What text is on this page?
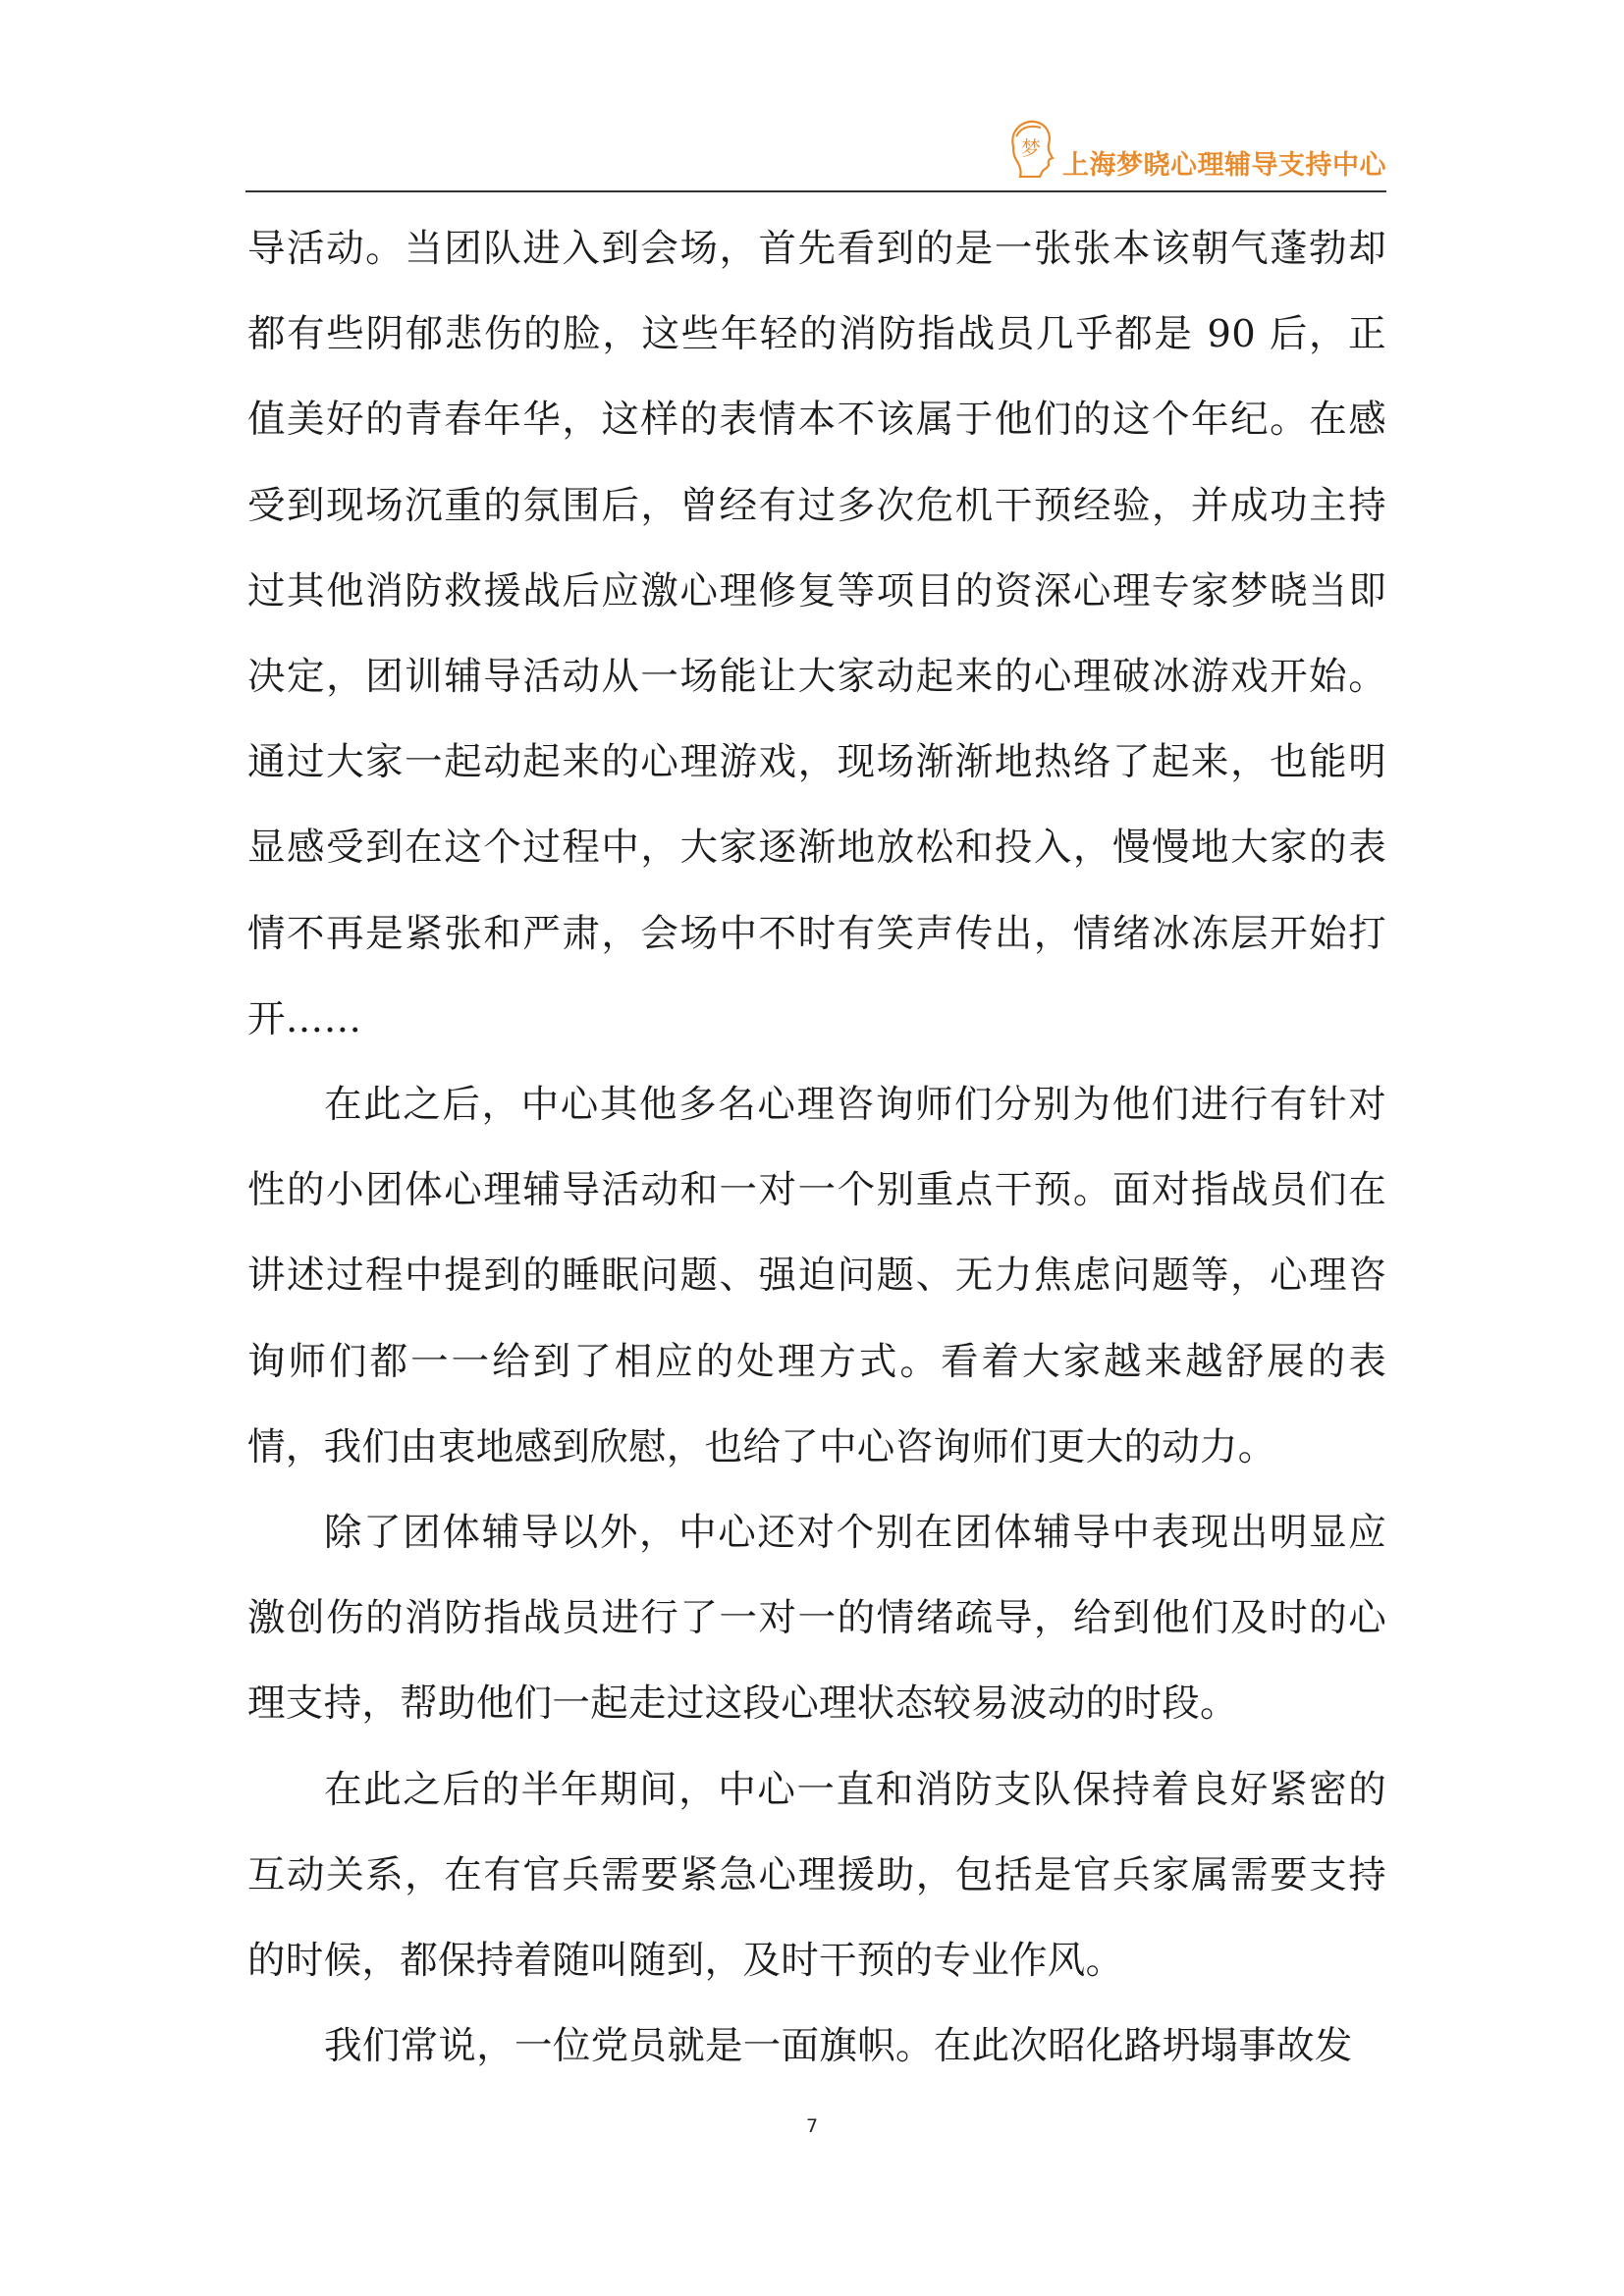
梦
上海梦晓心理辅导支持中心

导活动。当团队进入到会场，首先看到的是一张张本该朝气蓬勃却都有些阴郁悲伤的脸，这些年轻的消防指战员几乎都是 90 后，正值美好的青春年华，这样的表情本不该属于他们的这个年纪。在感受到现场沉重的氛围后，曾经有过多次危机干预经验，并成功主持过其他消防救援战后应激心理修复等项目的资深心理专家梦晓当即决定，团训辅导活动从一场能让大家动起来的心理破冰游戏开始。通过大家一起动起来的心理游戏，现场渐渐地热络了起来，也能明显感受到在这个过程中，大家逐渐地放松和投入，慢慢地大家的表情不再是紧张和严肃，会场中不时有笑声传出，情绪冰冻层开始打开……

在此之后，中心其他多名心理咨询师们分别为他们进行有针对性的小团体心理辅导活动和一对一个别重点干预。面对指战员们在讲述过程中提到的睡眠问题、强迫问题、无力焦虑问题等，心理咨询师们都一一给到了相应的处理方式。看着大家越来越舒展的表情，我们由衷地感到欣慰，也给了中心咨询师们更大的动力。

除了团体辅导以外，中心还对个别在团体辅导中表现出明显应激创伤的消防指战员进行了一对一的情绪疏导，给到他们及时的心理支持，帮助他们一起走过这段心理状态较易波动的时段。

在此之后的半年期间，中心一直和消防支队保持着良好紧密的互动关系，在有官兵需要紧急心理援助，包括是官兵家属需要支持的时候，都保持着随叫随到，及时干预的专业作风。

我们常说，一位党员就是一面旗帜。在此次昭化路坍塌事故发

7
